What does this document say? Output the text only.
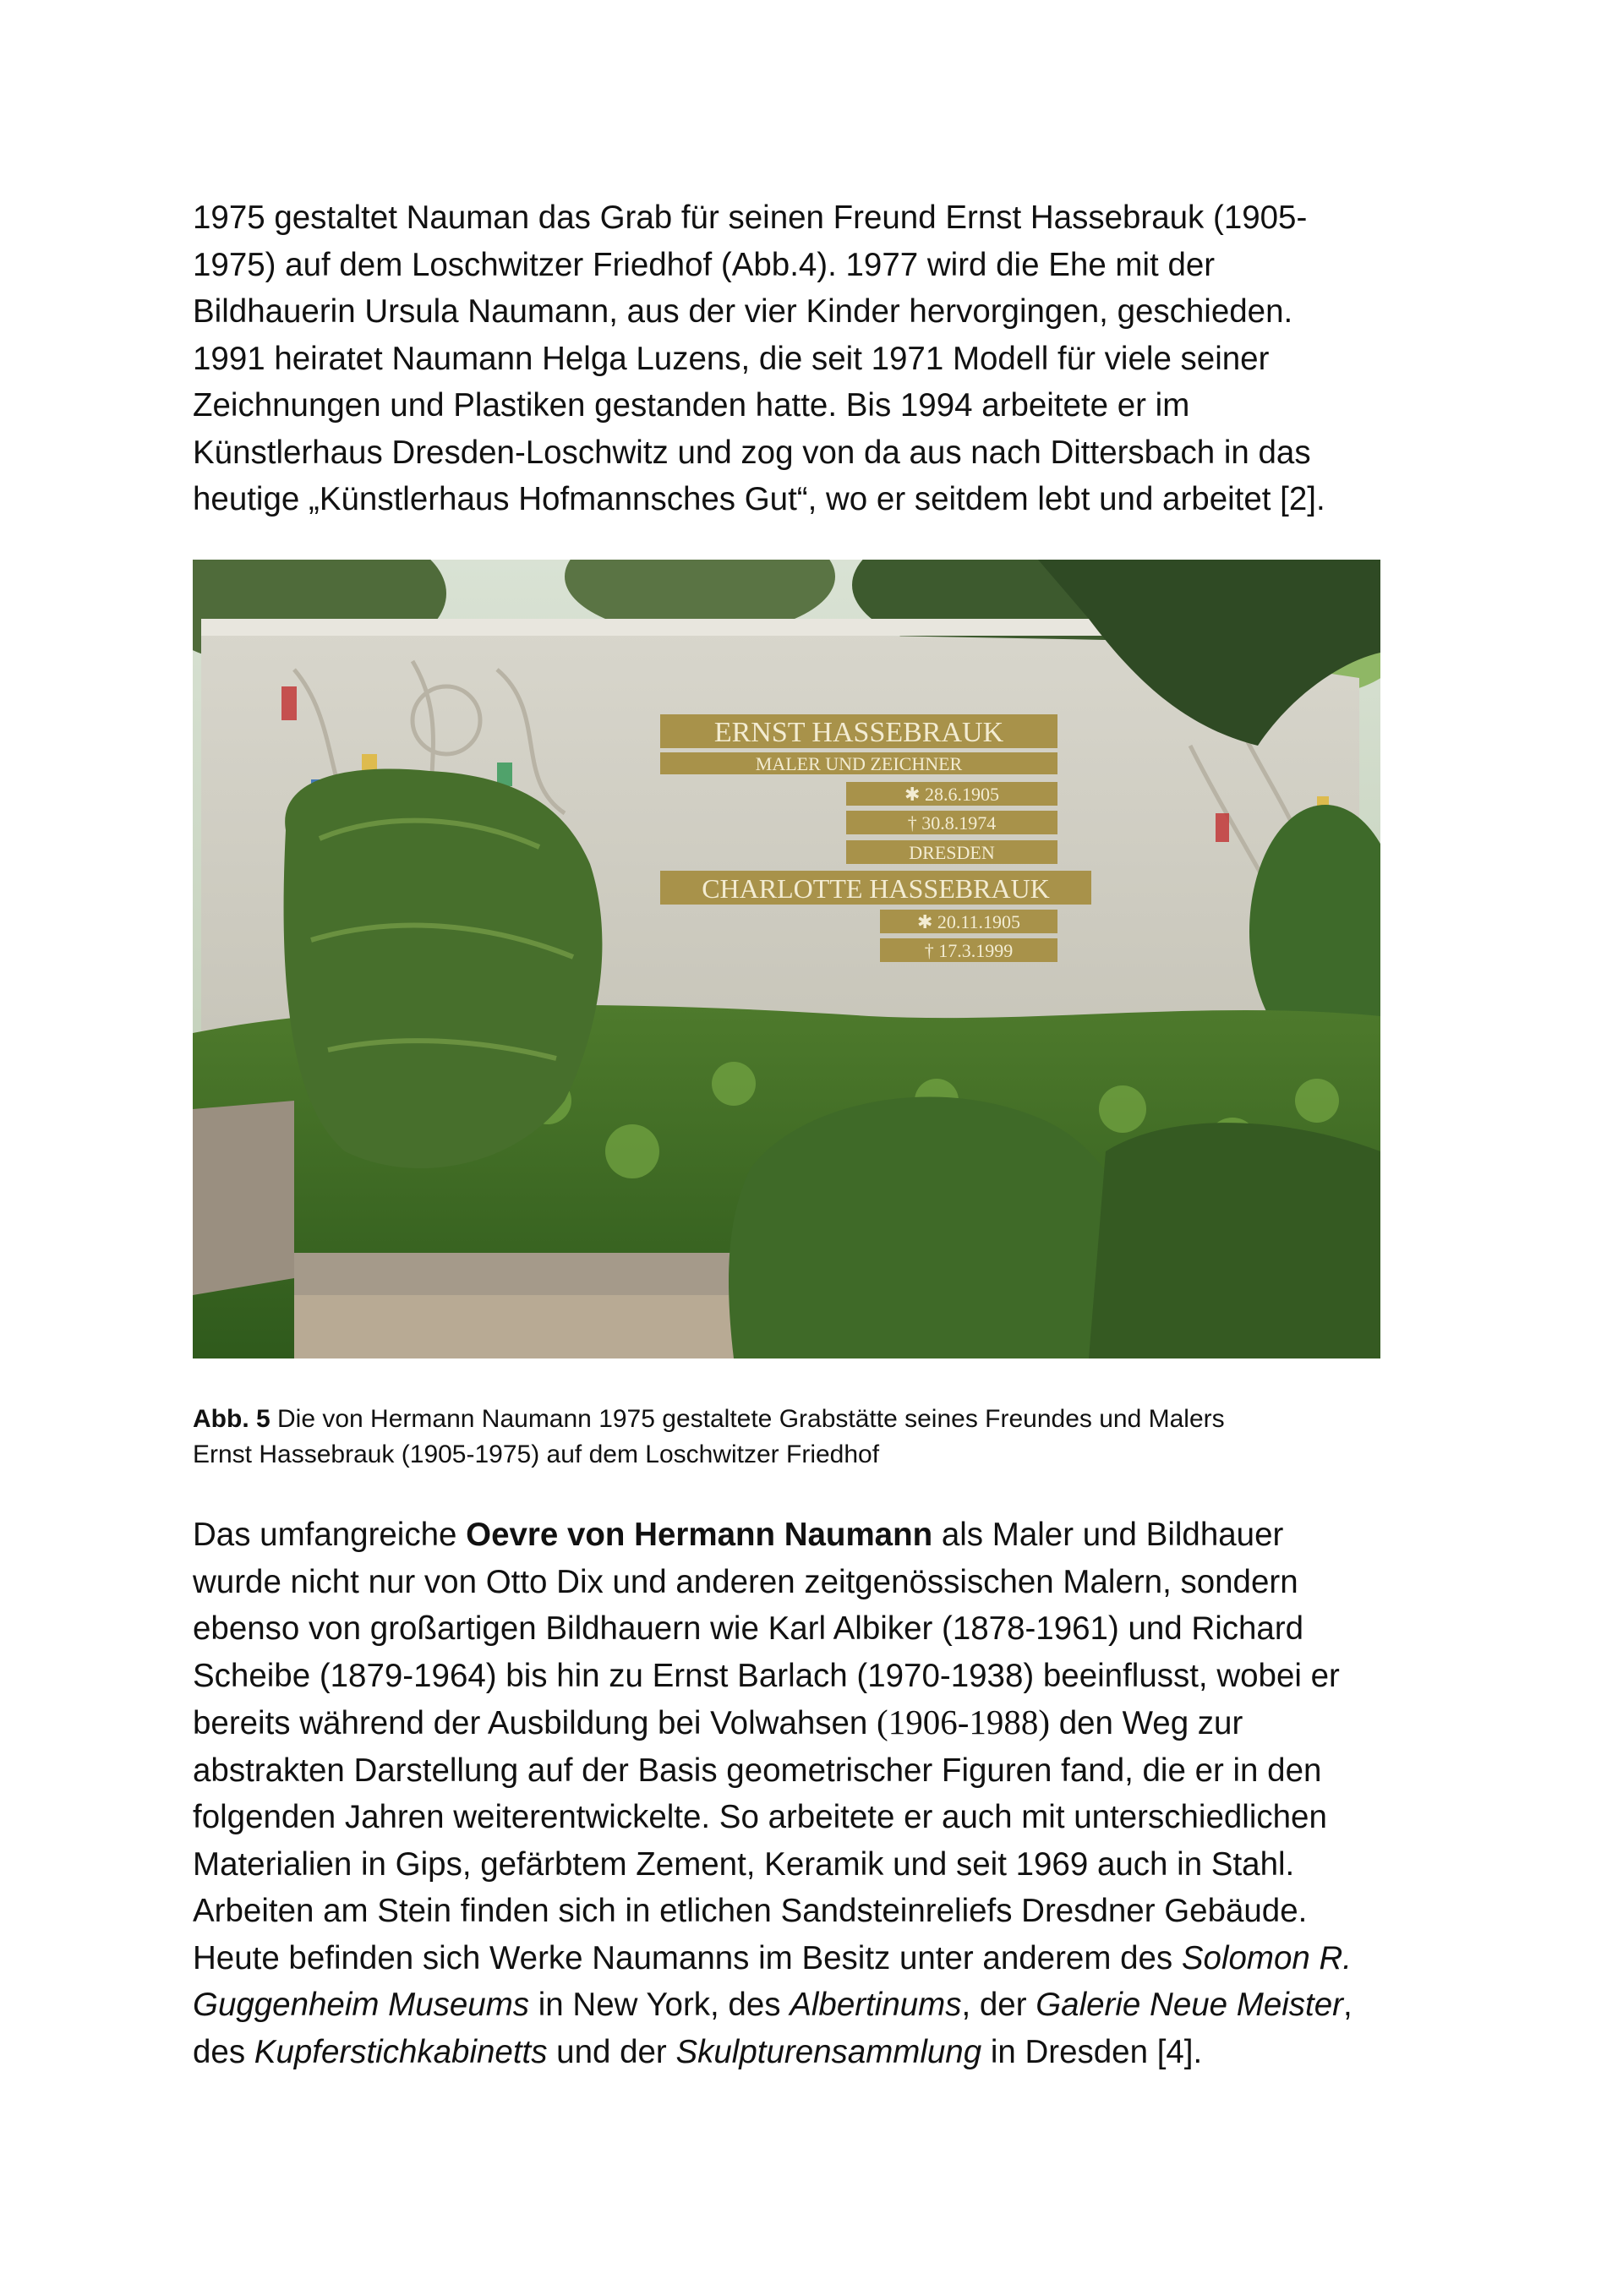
1975 gestaltet Nauman das Grab für seinen Freund Ernst Hassebrauk (1905-
1975) auf dem Loschwitzer Friedhof (Abb.4). 1977 wird die Ehe mit der
Bildhauerin Ursula Naumann, aus der vier Kinder hervorgingen, geschieden.
1991 heiratet Naumann Helga Luzens, die seit 1971 Modell für viele seiner
Zeichnungen und Plastiken gestanden hatte. Bis 1994 arbeitete er im
Künstlerhaus Dresden-Loschwitz und zog von da aus nach Dittersbach in das
heutige „Künstlerhaus Hofmannsches Gut“, wo er seitdem lebt und arbeitet [2].

ERNST HASSEBRAUK
MALER UND ZEICHNER
✱ 28.6.1905
† 30.8.1974
DRESDEN
CHARLOTTE HASSEBRAUK
✱ 20.11.1905
† 17.3.1999

Abb. 5 Die von Hermann Naumann 1975 gestaltete Grabstätte seines Freundes und Malers
Ernst Hassebrauk (1905-1975) auf dem Loschwitzer Friedhof

Das umfangreiche Oevre von Hermann Naumann als Maler und Bildhauer
wurde nicht nur von Otto Dix und anderen zeitgenössischen Malern, sondern
ebenso von großartigen Bildhauern wie Karl Albiker (1878-1961) und Richard
Scheibe (1879-1964) bis hin zu Ernst Barlach (1970-1938) beeinflusst, wobei er
bereits während der Ausbildung bei Volwahsen (1906-1988) den Weg zur
abstrakten Darstellung auf der Basis geometrischer Figuren fand, die er in den
folgenden Jahren weiterentwickelte. So arbeitete er auch mit unterschiedlichen
Materialien in Gips, gefärbtem Zement, Keramik und seit 1969 auch in Stahl.
Arbeiten am Stein finden sich in etlichen Sandsteinreliefs Dresdner Gebäude.
Heute befinden sich Werke Naumanns im Besitz unter anderem des Solomon R.
Guggenheim Museums in New York, des Albertinums, der Galerie Neue Meister,
des Kupferstichkabinetts und der Skulpturensammlung in Dresden [4].
